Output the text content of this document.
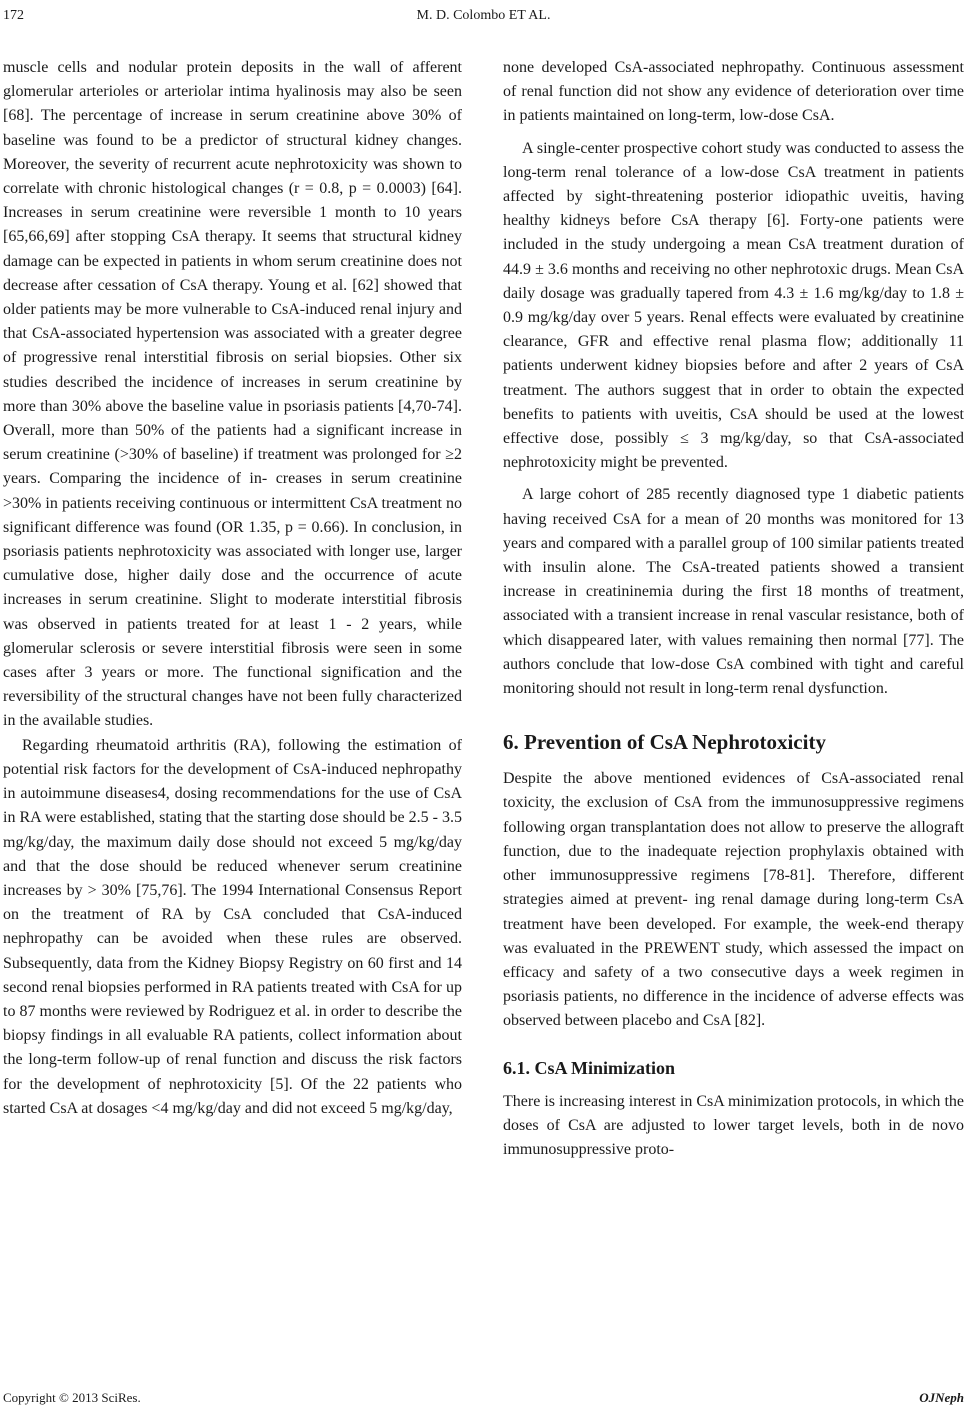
172	M. D. Colombo ET AL.

muscle cells and nodular protein deposits in the wall of afferent glomerular arterioles or arteriolar intima hyalinosis may also be seen [68]. The percentage of increase in serum creatinine above 30% of baseline was found to be a predictor of structural kidney changes. Moreover, the severity of recurrent acute nephrotoxicity was shown to correlate with chronic histological changes (r = 0.8, p = 0.0003) [64]. Increases in serum creatinine were reversible 1 month to 10 years [65,66,69] after stopping CsA therapy. It seems that structural kidney damage can be expected in patients in whom serum creatinine does not decrease after cessation of CsA therapy. Young et al. [62] showed that older patients may be more vulnerable to CsA-induced renal injury and that CsA-associated hypertension was associated with a greater degree of progressive renal interstitial fibrosis on serial biopsies. Other six studies described the incidence of increases in serum creatinine by more than 30% above the baseline value in psoriasis patients [4,70-74]. Overall, more than 50% of the patients had a significant increase in serum creatinine (>30% of baseline) if treatment was prolonged for ≥2 years. Comparing the incidence of in- creases in serum creatinine >30% in patients receiving continuous or intermittent CsA treatment no significant difference was found (OR 1.35, p = 0.66). In conclusion, in psoriasis patients nephrotoxicity was associated with longer use, larger cumulative dose, higher daily dose and the occurrence of acute increases in serum creatinine. Slight to moderate interstitial fibrosis was observed in patients treated for at least 1 - 2 years, while glomerular sclerosis or severe interstitial fibrosis were seen in some cases after 3 years or more. The functional signification and the reversibility of the structural changes have not been fully characterized in the available studies.

Regarding rheumatoid arthritis (RA), following the estimation of potential risk factors for the development of CsA-induced nephropathy in autoimmune diseases4, dosing recommendations for the use of CsA in RA were established, stating that the starting dose should be 2.5 - 3.5 mg/kg/day, the maximum daily dose should not exceed 5 mg/kg/day and that the dose should be reduced whenever serum creatinine increases by > 30% [75,76]. The 1994 International Consensus Report on the treatment of RA by CsA concluded that CsA-induced nephropathy can be avoided when these rules are observed. Subsequently, data from the Kidney Biopsy Registry on 60 first and 14 second renal biopsies performed in RA patients treated with CsA for up to 87 months were reviewed by Rodriguez et al. in order to describe the biopsy findings in all evaluable RA patients, collect information about the long-term follow-up of renal function and discuss the risk factors for the development of nephrotoxicity [5]. Of the 22 patients who started CsA at dosages <4 mg/kg/day and did not exceed 5 mg/kg/day,

none developed CsA-associated nephropathy. Continuous assessment of renal function did not show any evidence of deterioration over time in patients maintained on long-term, low-dose CsA.

A single-center prospective cohort study was conducted to assess the long-term renal tolerance of a low-dose CsA treatment in patients affected by sight-threatening posterior idiopathic uveitis, having healthy kidneys before CsA therapy [6]. Forty-one patients were included in the study undergoing a mean CsA treatment duration of 44.9 ± 3.6 months and receiving no other nephrotoxic drugs. Mean CsA daily dosage was gradually tapered from 4.3 ± 1.6 mg/kg/day to 1.8 ± 0.9 mg/kg/day over 5 years. Renal effects were evaluated by creatinine clearance, GFR and effective renal plasma flow; additionally 11 patients underwent kidney biopsies before and after 2 years of CsA treatment. The authors suggest that in order to obtain the expected benefits to patients with uveitis, CsA should be used at the lowest effective dose, possibly ≤ 3 mg/kg/day, so that CsA-associated nephrotoxicity might be prevented.

A large cohort of 285 recently diagnosed type 1 diabetic patients having received CsA for a mean of 20 months was monitored for 13 years and compared with a parallel group of 100 similar patients treated with insulin alone. The CsA-treated patients showed a transient increase in creatininemia during the first 18 months of treatment, associated with a transient increase in renal vascular resistance, both of which disappeared later, with values remaining then normal [77]. The authors conclude that low-dose CsA combined with tight and careful monitoring should not result in long-term renal dysfunction.

6. Prevention of CsA Nephrotoxicity

Despite the above mentioned evidences of CsA-associated renal toxicity, the exclusion of CsA from the immunosuppressive regimens following organ transplantation does not allow to preserve the allograft function, due to the inadequate rejection prophylaxis obtained with other immunosuppressive regimens [78-81]. Therefore, different strategies aimed at prevent- ing renal damage during long-term CsA treatment have been developed. For example, the week-end therapy was evaluated in the PREWENT study, which assessed the impact on efficacy and safety of a two consecutive days a week regimen in psoriasis patients, no difference in the incidence of adverse effects was observed between placebo and CsA [82].

6.1. CsA Minimization

There is increasing interest in CsA minimization protocols, in which the doses of CsA are adjusted to lower target levels, both in de novo immunosuppressive proto-

Copyright © 2013 SciRes.	OJNeph
